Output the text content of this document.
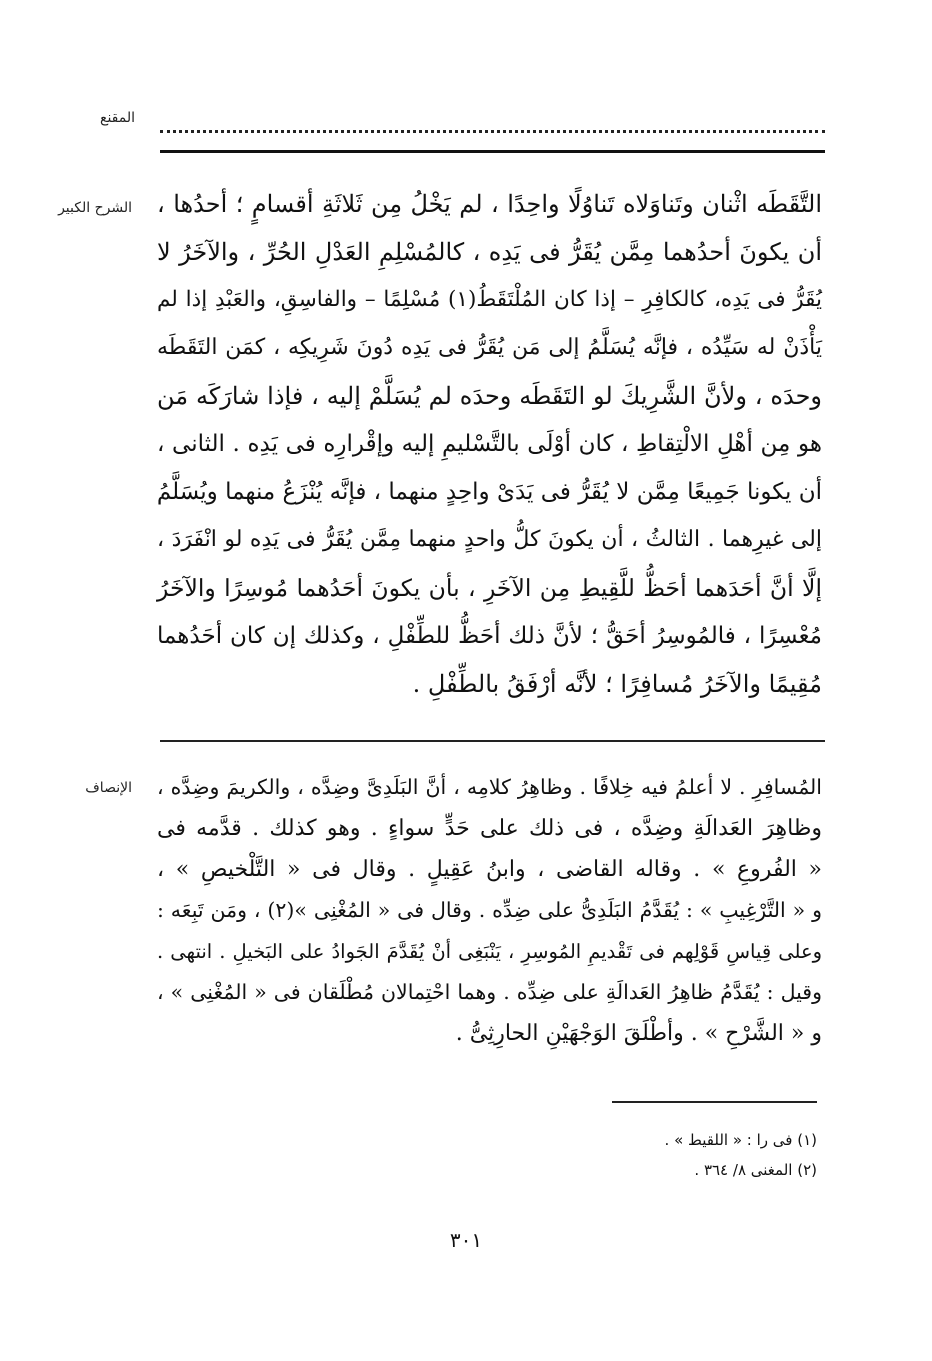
المقنع
الشرح الكبير التَّقَطَه اثْنان وتَناوَلاه تَناوُلًا واحِدًا ، لم يَخْلُ مِن ثَلاثَةِ أقسامٍ ؛ أحدُها ،
أن يكونَ أحدُهما مِمَّن يُقَرُّ فى يَدِه ، كالمُسْلِمِ العَدْلِ الحُرِّ ، والآخَرُ لا
يُقَرُّ فى يَدِه، كالكافِرِ – إذا كان المُلْتَقَطُ(١) مُسْلِمًا – والفاسِقِ، والعَبْدِ إذا لم
يَأْذَنْ له سَيِّدُه ، فإنَّه يُسَلَّمُ إلى مَن يُقَرُّ فى يَدِه دُونَ شَرِيكِه ، كمَن التَقَطَه
وحدَه ، ولأنَّ الشَّرِيكَ لو التَقَطَه وحدَه لم يُسَلَّمْ إليه ، فإذا شارَكَه مَن
هو مِن أهْلِ الالْتِقاطِ ، كان أوْلَى بالتَّسْليمِ إليه وإقْرارِه فى يَدِه . الثانى ،
أن يكونا جَمِيعًا مِمَّن لا يُقَرُّ فى يَدَىْ واحِدٍ منهما ، فإنَّه يُنْزَعُ منهما ويُسَلَّمُ
إلى غيرِهما . الثالثُ ، أن يكونَ كلُّ واحدٍ منهما مِمَّن يُقَرُّ فى يَدِه لو انْفَرَدَ ،
إلَّا أنَّ أحَدَهما أحَظُّ للَّقِيطِ مِن الآخَرِ ، بأن يكونَ أحَدُهما مُوسِرًا والآخَرُ
مُعْسِرًا ، فالمُوسِرُ أحَقُّ ؛ لأنَّ ذلك أحَظُّ للطِّفْلِ ، وكذلك إن كان أحَدُهما
مُقِيمًا والآخَرُ مُسافِرًا ؛ لأنَّه أرْفَقُ بالطِّفْلِ .
الإنصاف المُسافِرِ . لا أعلمُ فيه خِلافًا . وظاهِرُ كلامِه ، أنَّ البَلَدِىَّ وضِدَّه ، والكريمَ وضِدَّه ،
وظاهِرَ العَدالَةِ وضِدَّه ، فى ذلك على حَدٍّ سواءٍ . وهو كذلك . قدَّمه فى
« الفُروعِ » . وقاله القاضى ، وابنُ عَقِيلٍ . وقال فى « التَّلْخيصِ » ،
و « التَّرْغِيبِ » : يُقَدَّمُ البَلَدِىُّ على ضِدِّه . وقال فى « المُغْنِى »(٢) ، ومَن تَبِعَه :
وعلى قِياسِ قَوْلِهم فى تَقْديمِ المُوسِرِ ، يَنْبَغِى أنْ يُقَدَّمَ الجَوادُ على البَخيلِ . انتهى .
وقيل : يُقَدَّمُ ظاهِرُ العَدالَةِ على ضِدِّه . وهما احْتِمالان مُطْلَقان فى « المُغْنِى » ،
و « الشَّرْحِ » . وأطْلَقَ الوَجْهَيْنِ الحارِثِىُّ .
(١) فى را : « اللقيط » .
(٢) المغنى ٨/ ٣٦٤ .
٣٠١
